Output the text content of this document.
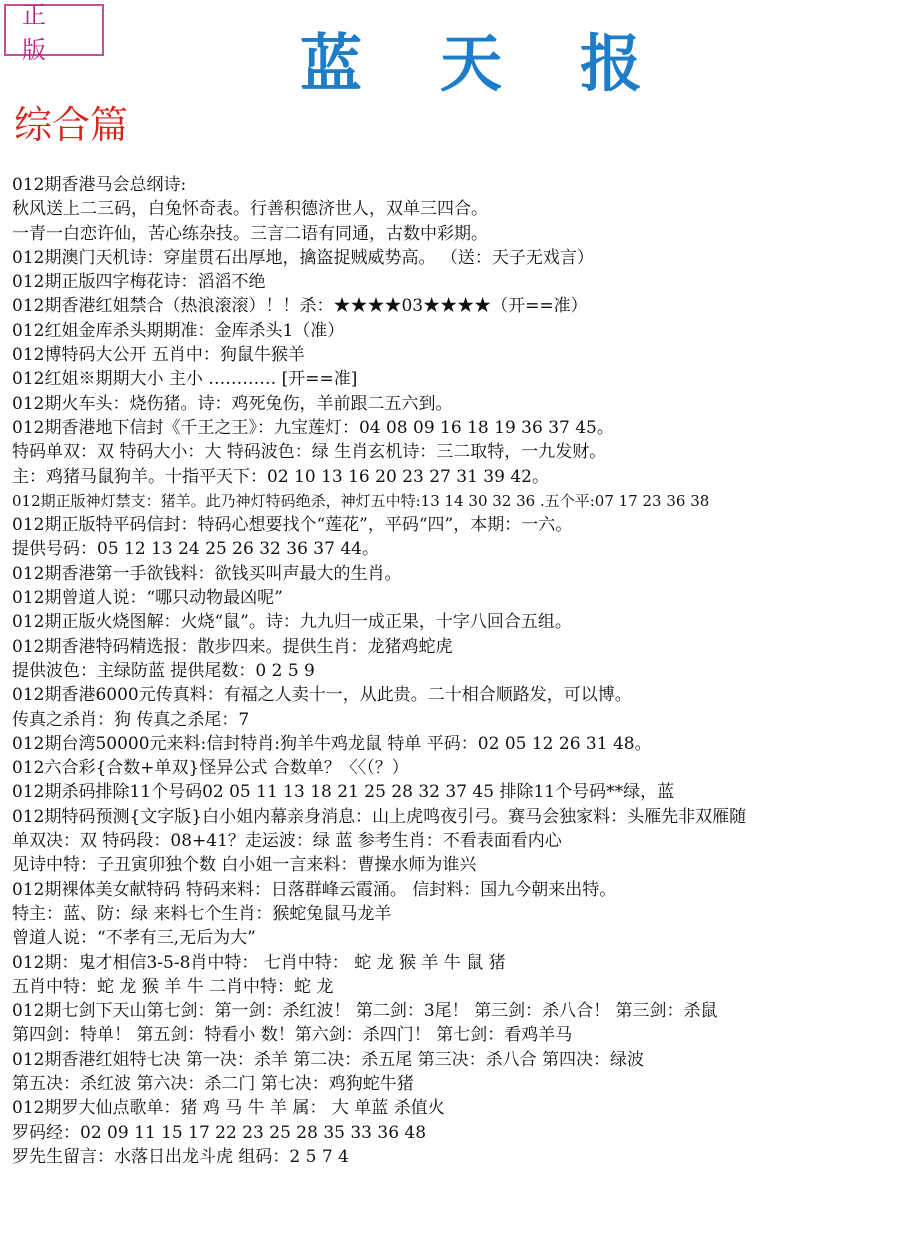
正版	蓝天报
综合篇
012期香港马会总纲诗:
秋风送上二三码，白兔怀奇表。行善积德济世人，双单三四合。
一青一白恋许仙，苦心练杂技。三言二语有同通，古数中彩期。
012期澳门天机诗：穿崖贯石出厚地，擒盗捉贼威势高。 （送：天子无戏言）
012期正版四字梅花诗：滔滔不绝
012期香港红姐禁合（热浪滚滚）！！杀：★★★★03★★★★（开==准）
012红姐金库杀头期期准：金库杀头1（准）
012博特码大公开 五肖中：狗鼠牛猴羊
012红姐※期期大小 主小 ………… [开==准]
012期火车头：烧伤猪。诗：鸡死兔伤，羊前跟二五六到。
012期香港地下信封《千王之王》：九宝莲灯：04 08 09 16 18 19 36 37 45。
特码单双：双 特码大小：大 特码波色：绿 生肖玄机诗：三二取特，一九发财。
主：鸡猪马鼠狗羊。十指平天下：02 10 13 16 20 23 27 31 39 42。
012期正版神灯禁支：猪羊。此乃神灯特码绝杀，神灯五中特:13 14 30 32 36 .五个平:07 17 23 36 38
012期正版特平码信封：特码心想要找个“莲花”，平码“四”，本期：一六。
提供号码：05 12 13 24 25 26 32 36 37 44。
012期香港第一手欲钱料：欲钱买叫声最大的生肖。
012期曾道人说：“哪只动物最凶呢”
012期正版火烧图解：火烧“鼠”。诗：九九归一成正果，十字八回合五组。
012期香港特码精选报：散步四来。提供生肖：龙猪鸡蛇虎
提供波色：主绿防蓝 提供尾数：0 2 5 9
012期香港6000元传真料：有福之人卖十一，从此贵。二十相合顺路发，可以博。
传真之杀肖：狗 传真之杀尾：7
012期台湾50000元来料:信封特肖:狗羊牛鸡龙鼠 特单 平码：02 05 12 26 31 48。
012六合彩{合数+单双}怪异公式 合数单？〈〈（？）
012期杀码排除11个号码02 05 11 13 18 21 25 28 32 37 45 排除11个号码**绿，蓝
012期特码预测{文字版}白小姐内幕亲身消息：山上虎鸣夜引弓。赛马会独家料：头雁先非双雁随
单双决：双 特码段：08+41？走运波：绿 蓝 参考生肖：不看表面看内心
见诗中特：子丑寅卯独个数 白小姐一言来料：曹操水师为谁兴
012期裸体美女献特码 特码来料：日落群峰云霞涌。 信封料：国九今朝来出特。
特主：蓝、防：绿 来料七个生肖：猴蛇兔鼠马龙羊
曾道人说：“不孝有三,无后为大”
012期：鬼才相信3-5-8肖中特： 七肖中特： 蛇 龙 猴 羊 牛 鼠 猪
五肖中特：蛇 龙 猴 羊 牛 二肖中特：蛇 龙
012期七剑下天山第七剑：第一剑：杀红波！ 第二剑：3尾！ 第三剑：杀八合！ 第三剑：杀鼠
第四剑：特单！ 第五剑：特看小 数！第六剑：杀四门！ 第七剑：看鸡羊马
012期香港红姐特七决 第一决：杀羊 第二决：杀五尾 第三决：杀八合 第四决：绿波
第五决：杀红波 第六决：杀二门 第七决：鸡狗蛇牛猪
012期罗大仙点歌单：猪 鸡 马 牛 羊 属： 大 单蓝 杀值火
罗码经：02 09 11 15 17 22 23 25 28 35 33 36 48
罗先生留言：水落日出龙斗虎 组码：2 5 7 4
